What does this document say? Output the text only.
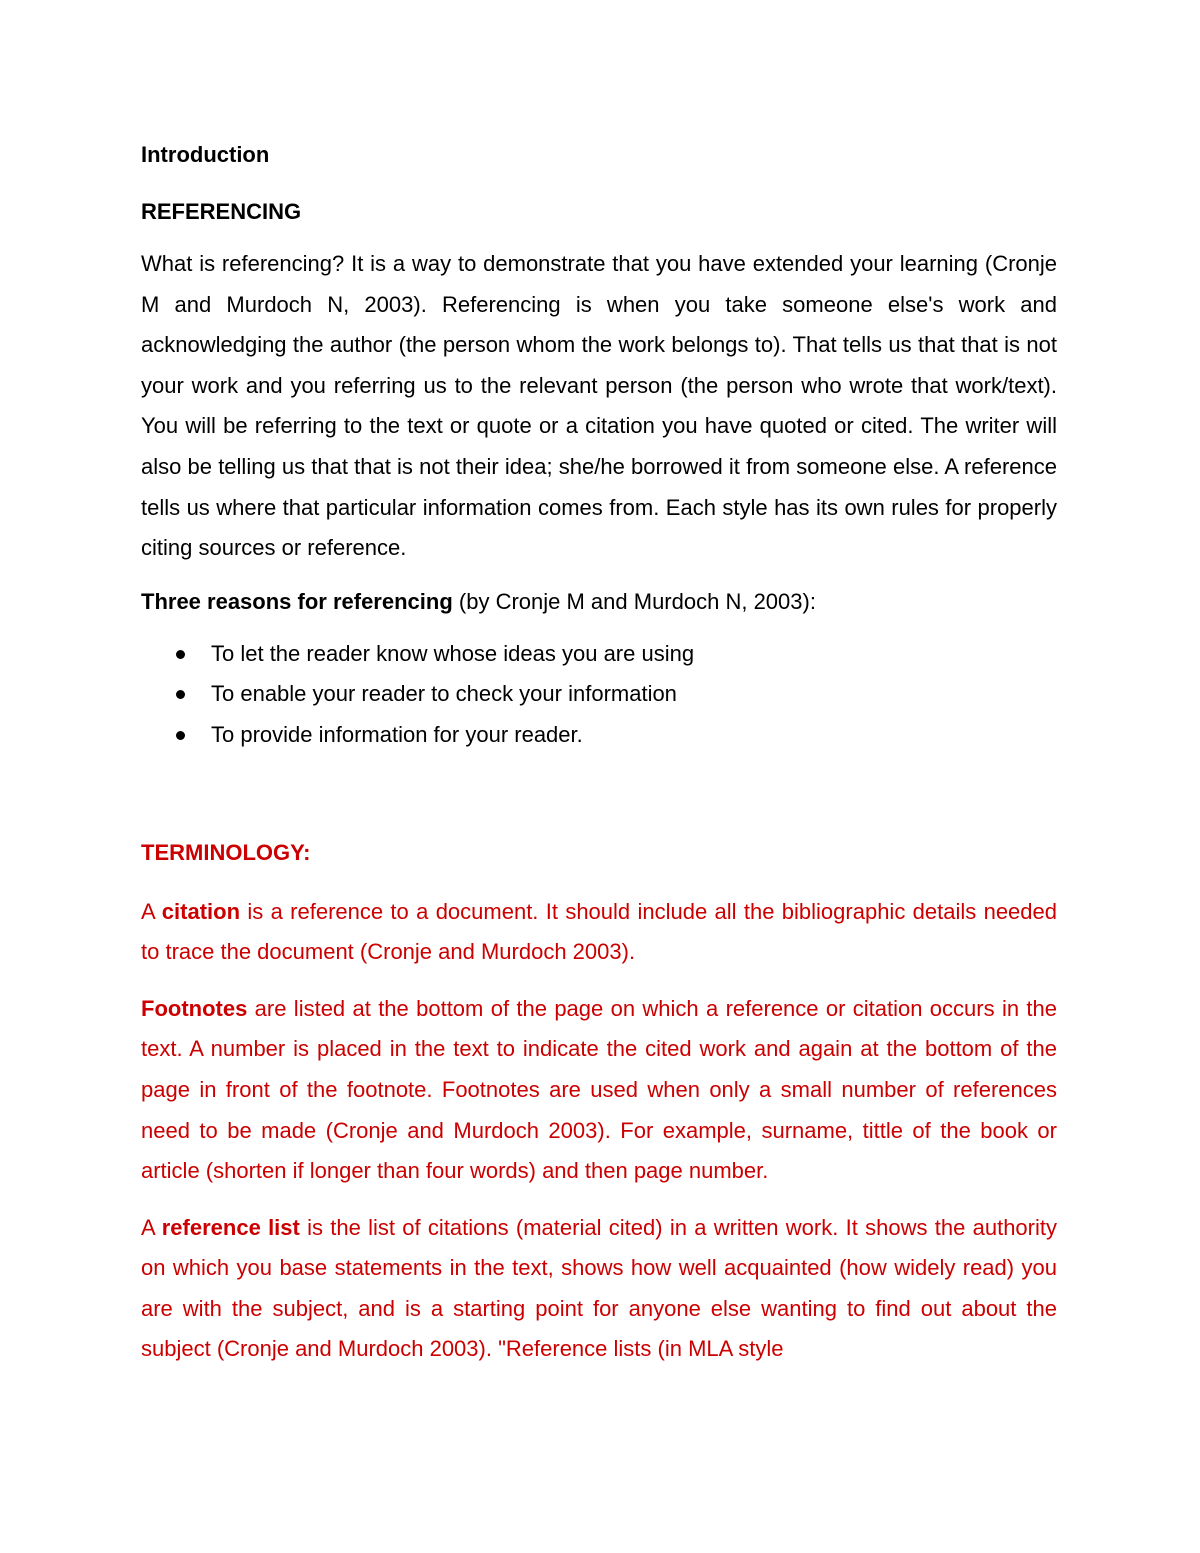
Introduction

REFERENCING

What is referencing? It is a way to demonstrate that you have extended your learning (Cronje M and Murdoch N, 2003). Referencing is when you take someone else's work and acknowledging the author (the person whom the work belongs to). That tells us that that is not your work and you referring us to the relevant person (the person who wrote that work/text). You will be referring to the text or quote or a citation you have quoted or cited. The writer will also be telling us that that is not their idea; she/he borrowed it from someone else. A reference tells us where that particular information comes from. Each style has its own rules for properly citing sources or reference.

Three reasons for referencing (by Cronje M and Murdoch N, 2003):

To let the reader know whose ideas you are using
To enable your reader to check your information
To provide information for your reader.

TERMINOLOGY:

A citation is a reference to a document. It should include all the bibliographic details needed to trace the document (Cronje and Murdoch 2003).

Footnotes are listed at the bottom of the page on which a reference or citation occurs in the text. A number is placed in the text to indicate the cited work and again at the bottom of the page in front of the footnote. Footnotes are used when only a small number of references need to be made (Cronje and Murdoch 2003). For example, surname, tittle of the book or article (shorten if longer than four words) and then page number.

A reference list is the list of citations (material cited) in a written work. It shows the authority on which you base statements in the text, shows how well acquainted (how widely read) you are with the subject, and is a starting point for anyone else wanting to find out about the subject (Cronje and Murdoch 2003). "Reference lists (in MLA style
